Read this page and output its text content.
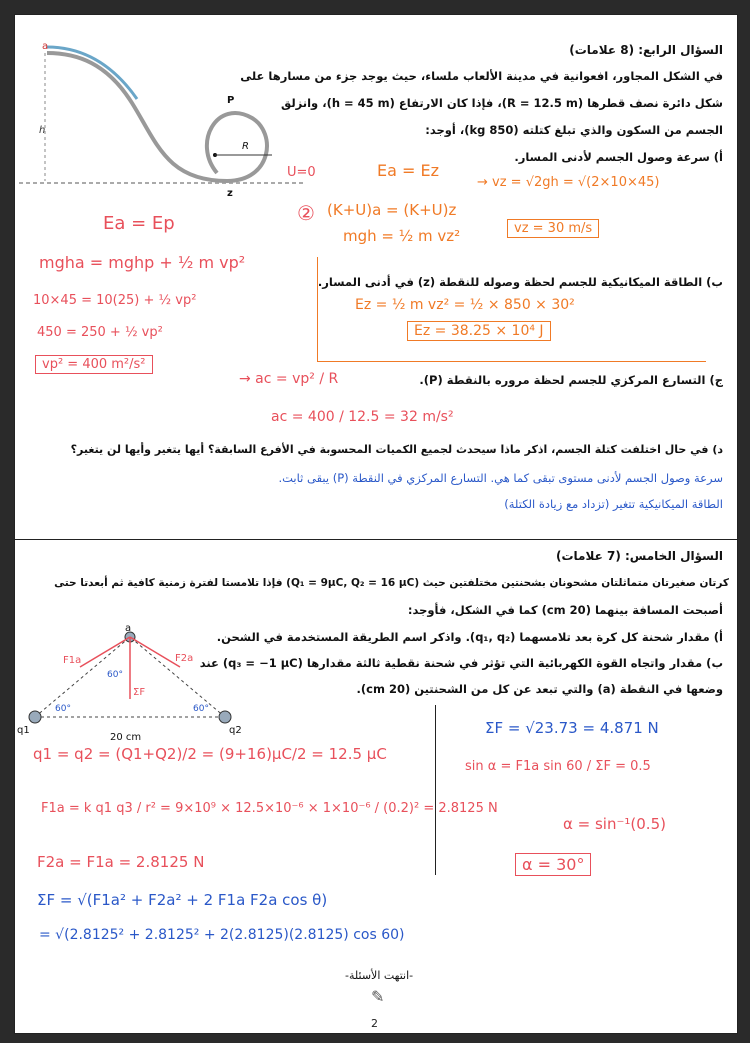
السؤال الرابع: (8 علامات)
في الشكل المجاور، افعوانية في مدينة الألعاب ملساء، حيث يوجد جزء من مسارها على
شكل دائرة نصف قطرها (R = 12.5 m)، فإذا كان الارتفاع (h = 45 m)، وانزلق
الجسم من السكون والذي تبلغ كتلته (850 kg)، أوجد:
أ) سرعة وصول الجسم لأدنى المسار.
ب) الطاقة الميكانيكية للجسم لحظة وصوله للنقطة (z) في أدنى المسار.
ج) التسارع المركزي للجسم لحظة مروره بالنقطة (P).
د) في حال اختلفت كتلة الجسم، اذكر ماذا سيحدث لجميع الكميات المحسوبة في الأفرع السابقة؟ أيها يتغير وأيها لن يتغير؟
a
h
P
R
z
U=0	Ea = Ez
② (K+U)a = (K+U)z
mgh = ½ m vz²
→ vz = √2gh = √(2×10×45)
vz = 30 m/s
Ez = ½ m vz² = ½ × 850 × 30²
Ez = 38.25 × 10⁴ J
Ea = Ep
mgha = mghp + ½ m vp²
10×45 = 10(25) + ½ vp²
450 = 250 + ½ vp²
vp² = 400 m²/s²
→ ac = vp² / R
ac = 400 / 12.5 = 32 m/s²
سرعة وصول الجسم لأدنى مستوى تبقى كما هي. التسارع المركزي في النقطة (P) يبقى ثابت.
الطاقة الميكانيكية تتغير (تزداد مع زيادة الكتلة)
السؤال الخامس: (7 علامات)
كرتان صغيرتان متماثلتان مشحونان بشحنتين مختلفتين حيث (Q₁ = 9μC, Q₂ = 16 μC) فإذا تلامستا لفترة زمنية كافية ثم أبعدتا حتى
أصبحت المسافة بينهما (20 cm) كما في الشكل، فأوجد:
أ) مقدار شحنة كل كرة بعد تلامسهما (q₁, q₂). واذكر اسم الطريقة المستخدمة في الشحن.
ب) مقدار واتجاه القوة الكهربائية التي تؤثر في شحنة نقطية ثالثة مقدارها (q₃ = −1 μC) عند
وضعها في النقطة (a) والتي تبعد عن كل من الشحنتين (20 cm).
q1	q2
a
20 cm
F1a	F2a
ΣF
60°
60°	60°
ΣF = √23.73 = 4.871 N
sin α = F1a sin 60 / ΣF = 0.5
α = sin⁻¹(0.5)
α = 30°
q1 = q2 = (Q1+Q2)/2 = (9+16)μC/2 = 12.5 μC
F1a = k q1 q3 / r² = 9×10⁹ × 12.5×10⁻⁶ × 1×10⁻⁶ / (0.2)² = 2.8125 N
F2a = F1a = 2.8125 N
ΣF = √(F1a² + F2a² + 2 F1a F2a cos θ)
= √(2.8125² + 2.8125² + 2(2.8125)(2.8125) cos 60)
-انتهت الأسئلة-
✎
2
